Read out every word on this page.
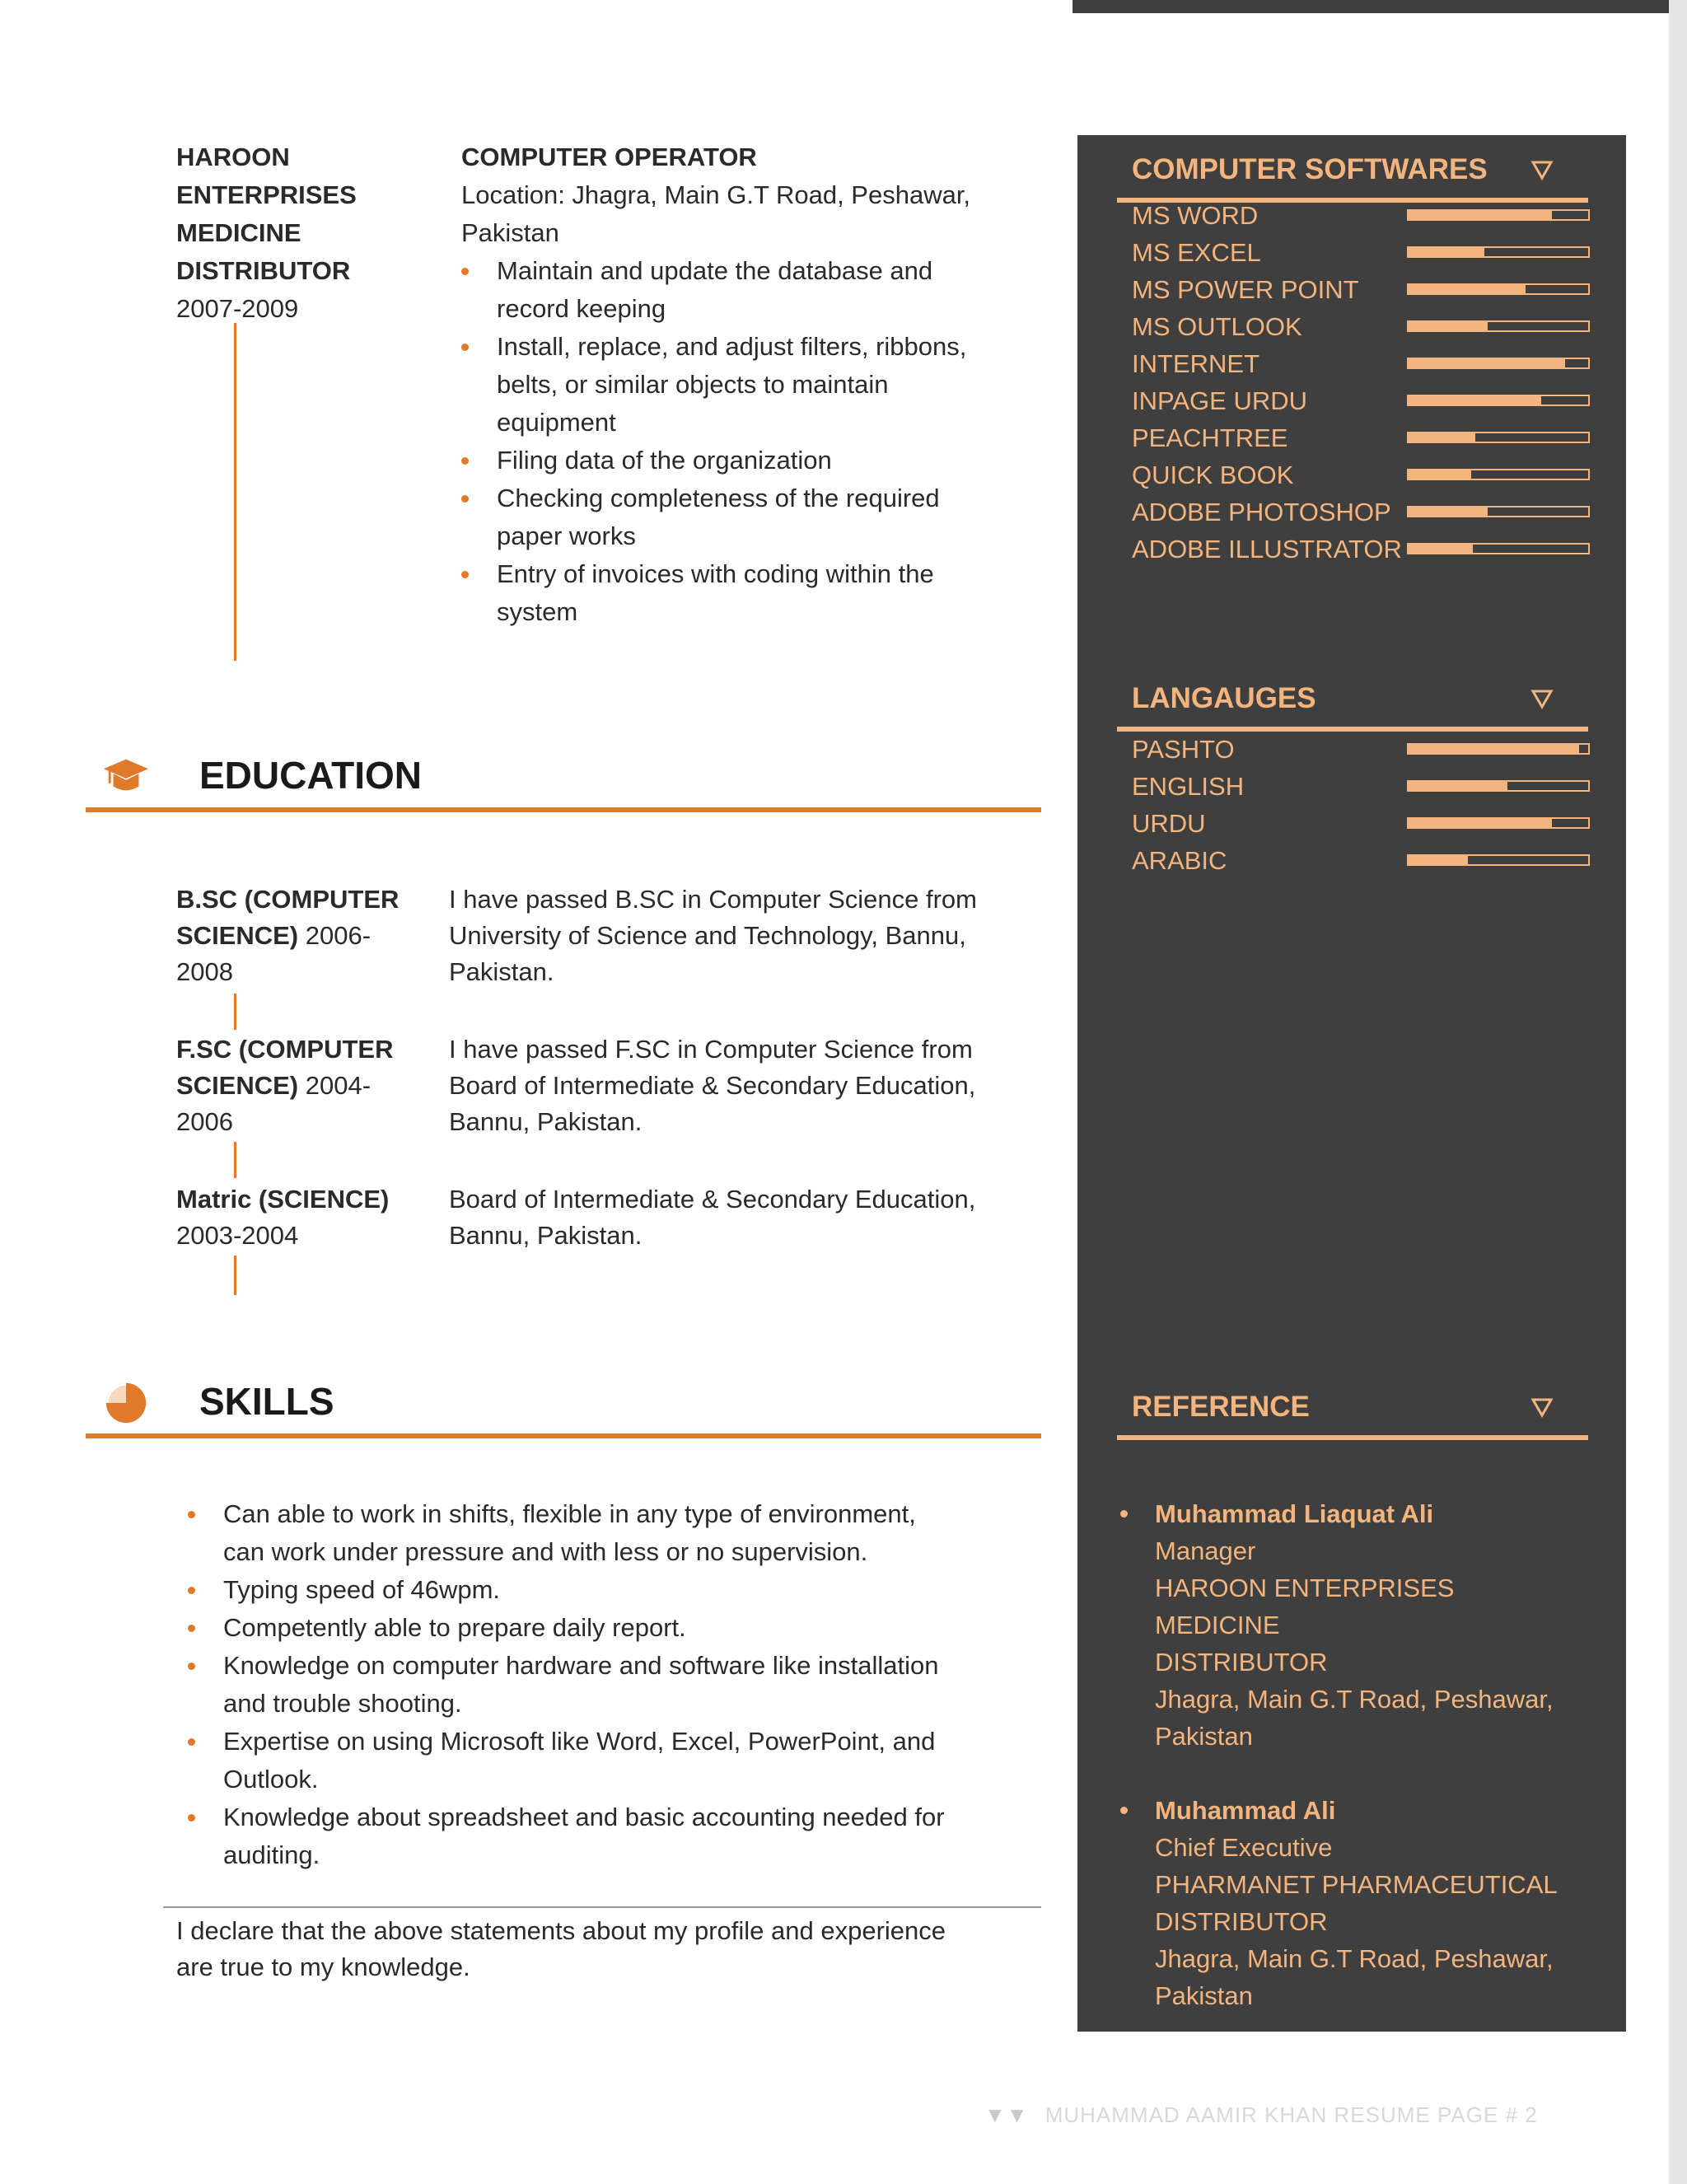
HAROON
ENTERPRISES
MEDICINE
DISTRIBUTOR
2007-2009
COMPUTER OPERATOR
Location: Jhagra, Main G.T Road, Peshawar,
Pakistan
Maintain and update the database and
record keeping
Install, replace, and adjust filters, ribbons,
belts, or similar objects to maintain
equipment
Filing data of the organization
Checking completeness of the required
paper works
Entry of invoices with coding within the
system
EDUCATION
B.SC (COMPUTER
SCIENCE) 2006-
2008
I have passed B.SC in Computer Science from
University of Science and Technology, Bannu,
Pakistan.
F.SC (COMPUTER
SCIENCE) 2004-
2006
I have passed F.SC in Computer Science from
Board of Intermediate & Secondary Education,
Bannu, Pakistan.
Matric (SCIENCE)
2003-2004
Board of Intermediate & Secondary Education,
Bannu, Pakistan.
SKILLS
Can able to work in shifts, flexible in any type of environment,
can work under pressure and with less or no supervision.
Typing speed of 46wpm.
Competently able to prepare daily report.
Knowledge on computer hardware and software like installation
and trouble shooting.
Expertise on using Microsoft like Word, Excel, PowerPoint, and
Outlook.
Knowledge about spreadsheet and basic accounting needed for
auditing.
I declare that the above statements about my profile and experience
are true to my knowledge.
COMPUTER SOFTWARES
MS WORD
MS EXCEL
MS POWER POINT
MS OUTLOOK
INTERNET
INPAGE URDU
PEACHTREE
QUICK BOOK
ADOBE PHOTOSHOP
ADOBE ILLUSTRATOR
LANGAUGES
PASHTO
ENGLISH
URDU
ARABIC
REFERENCE
Muhammad Liaquat Ali
Manager
HAROON ENTERPRISES MEDICINE
DISTRIBUTOR
Jhagra, Main G.T Road, Peshawar,
Pakistan
Muhammad Ali
Chief Executive
PHARMANET PHARMACEUTICAL
DISTRIBUTOR
Jhagra, Main G.T Road, Peshawar,
Pakistan
▼▼ MUHAMMAD AAMIR KHAN RESUME PAGE # 2
